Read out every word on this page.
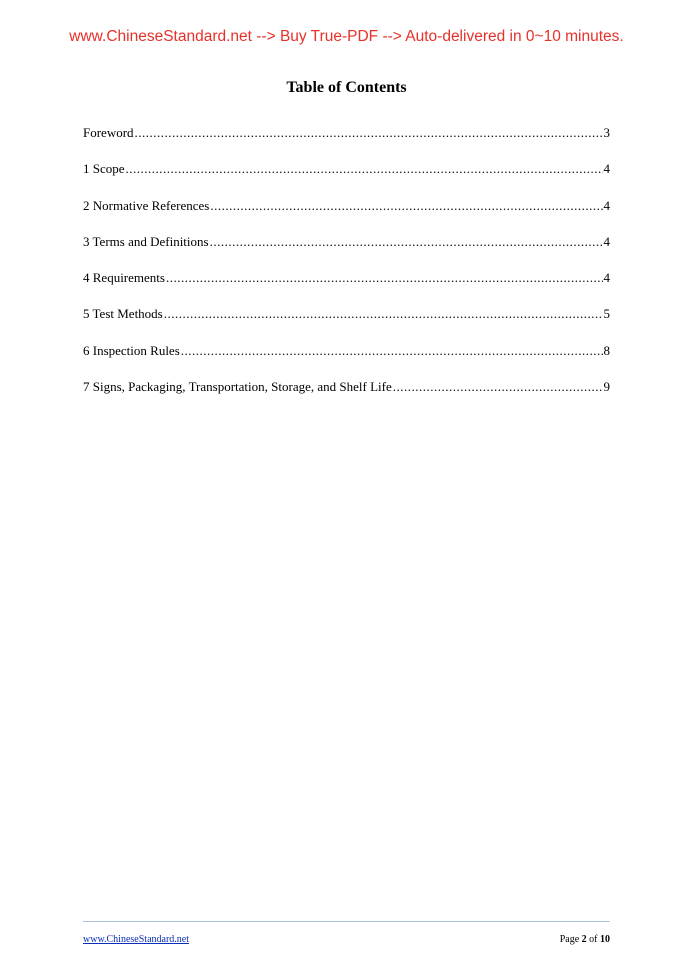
www.ChineseStandard.net --> Buy True-PDF --> Auto-delivered in 0~10 minutes.
Table of Contents
Foreword .....	3
1 Scope .....	4
2 Normative References .....	4
3 Terms and Definitions .....	4
4 Requirements .....	4
5 Test Methods .....	5
6 Inspection Rules .....	8
7 Signs, Packaging, Transportation, Storage, and Shelf Life .....	9
www.ChineseStandard.net	Page 2 of 10
